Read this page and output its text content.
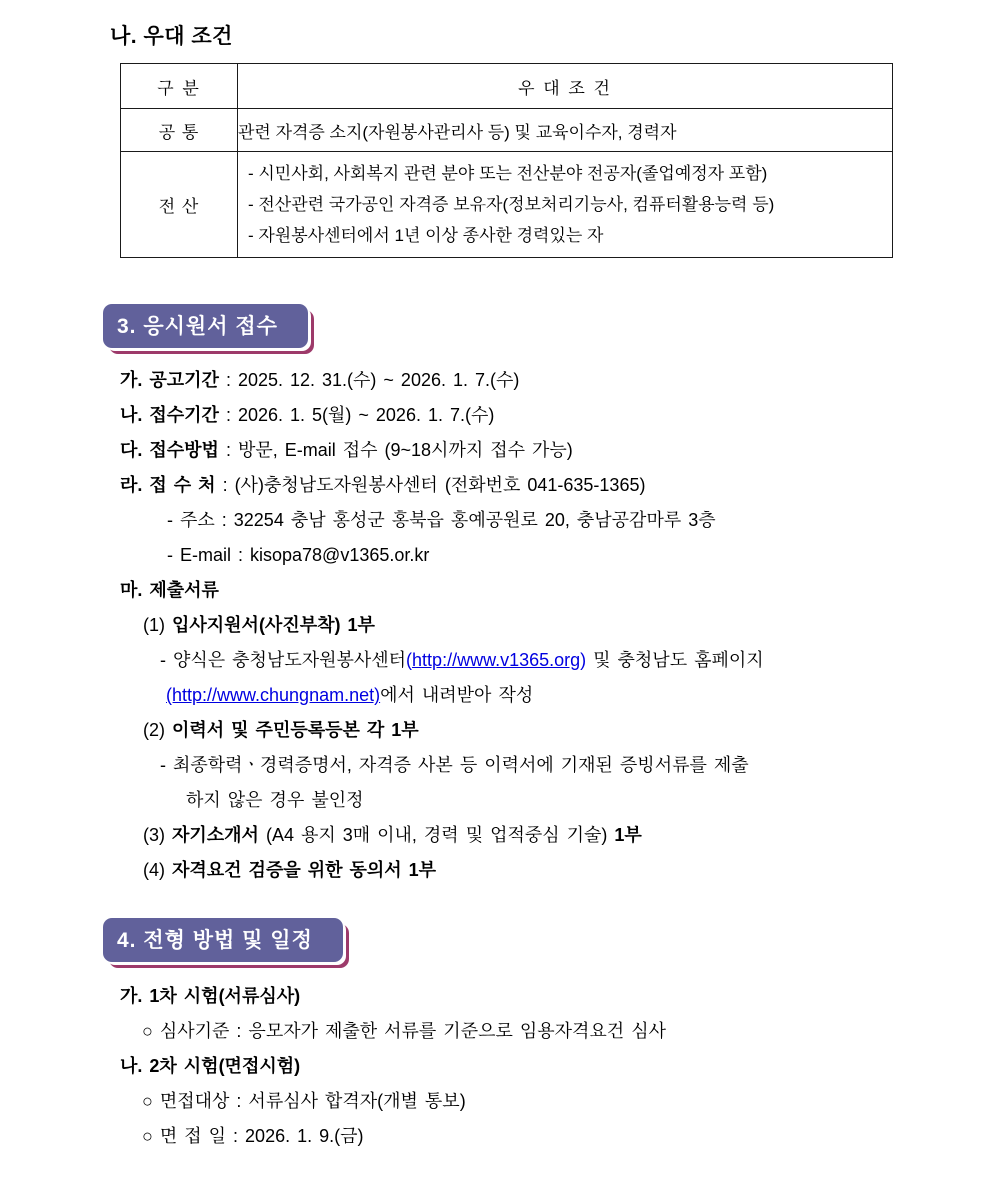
나. 우대 조건
구 분	우 대 조 건
공 통	관련 자격증 소지(자원봉사관리사 등) 및 교육이수자, 경력자
전 산	- 시민사회, 사회복지 관련 분야 또는 전산분야 전공자(졸업예정자 포함)
- 전산관련 국가공인 자격증 보유자(정보처리기능사, 컴퓨터활용능력 등)
- 자원봉사센터에서 1년 이상 종사한 경력있는 자
3. 응시원서 접수
가. 공고기간 : 2025. 12. 31.(수) ~ 2026. 1. 7.(수)
나. 접수기간 : 2026. 1. 5(월) ~ 2026. 1. 7.(수)
다. 접수방법 : 방문, E-mail 접수 (9~18시까지 접수 가능)
라. 접 수 처 : (사)충청남도자원봉사센터 (전화번호 041-635-1365)
- 주소 : 32254 충남 홍성군 홍북읍 홍예공원로 20, 충남공감마루 3층
- E-mail : kisopa78@v1365.or.kr
마. 제출서류
(1) 입사지원서(사진부착) 1부
- 양식은 충청남도자원봉사센터(http://www.v1365.org) 및 충청남도 홈페이지
(http://www.chungnam.net)에서 내려받아 작성
(2) 이력서 및 주민등록등본 각 1부
- 최종학력ㆍ경력증명서, 자격증 사본 등 이력서에 기재된 증빙서류를 제출
하지 않은 경우 불인정
(3) 자기소개서 (A4 용지 3매 이내, 경력 및 업적중심 기술) 1부
(4) 자격요건 검증을 위한 동의서 1부
4. 전형 방법 및 일정
가. 1차 시험(서류심사)
○ 심사기준 : 응모자가 제출한 서류를 기준으로 임용자격요건 심사
나. 2차 시험(면접시험)
○ 면접대상 : 서류심사 합격자(개별 통보)
○ 면 접 일 : 2026. 1. 9.(금)
